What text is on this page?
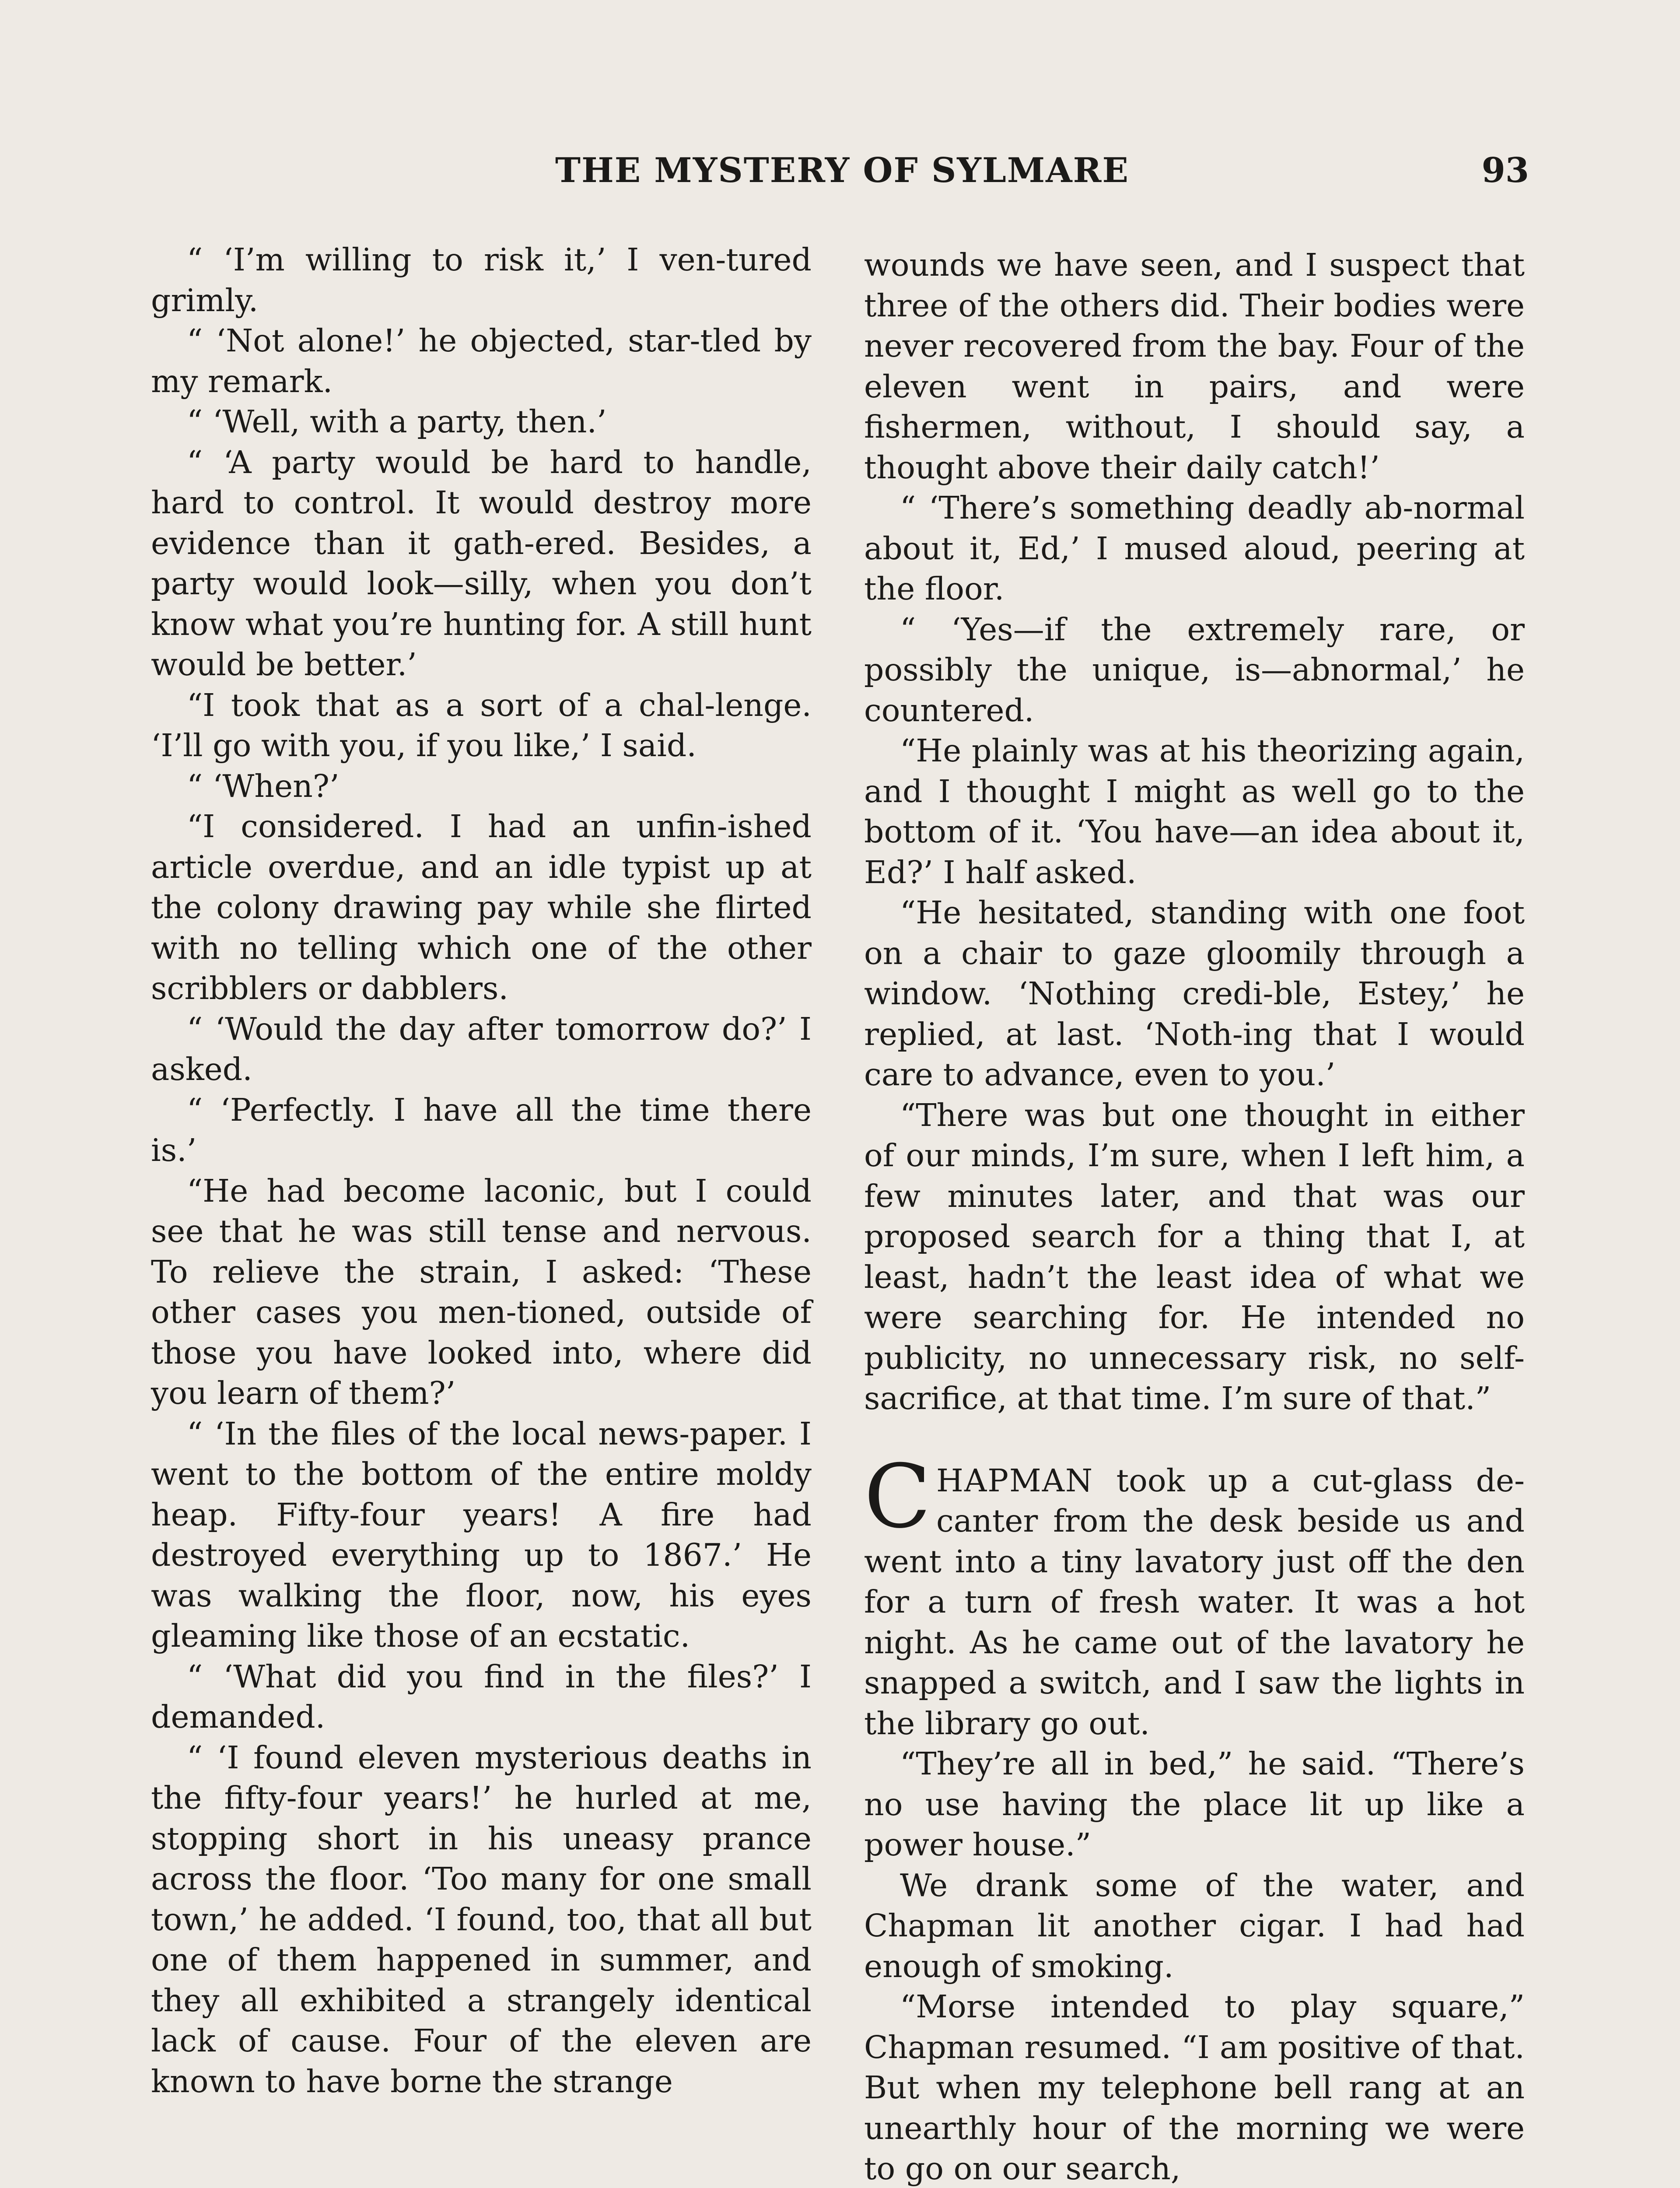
THE MYSTERY OF SYLMARE	93

“ ‘I’m willing to risk it,’ I ven-tured grimly.

“ ‘Not alone!’ he objected, star-tled by my remark.

“ ‘Well, with a party, then.’

“ ‘A party would be hard to handle, hard to control. It would destroy more evidence than it gath-ered. Besides, a party would look—silly, when you don’t know what you’re hunting for. A still hunt would be better.’

“I took that as a sort of a chal-lenge. ‘I’ll go with you, if you like,’ I said.

“ ‘When?’

“I considered. I had an unfin-ished article overdue, and an idle typist up at the colony drawing pay while she flirted with no telling which one of the other scribblers or dabblers.

“ ‘Would the day after tomorrow do?’ I asked.

“ ‘Perfectly. I have all the time there is.’

“He had become laconic, but I could see that he was still tense and nervous. To relieve the strain, I asked: ‘These other cases you men-tioned, outside of those you have looked into, where did you learn of them?’

“ ‘In the files of the local news-paper. I went to the bottom of the entire moldy heap. Fifty-four years! A fire had destroyed everything up to 1867.’ He was walking the floor, now, his eyes gleaming like those of an ecstatic.

“ ‘What did you find in the files?’ I demanded.

“ ‘I found eleven mysterious deaths in the fifty-four years!’ he hurled at me, stopping short in his uneasy prance across the floor. ‘Too many for one small town,’ he added. ‘I found, too, that all but one of them happened in summer, and they all exhibited a strangely identical lack of cause. Four of the eleven are known to have borne the strange

wounds we have seen, and I suspect that three of the others did. Their bodies were never recovered from the bay. Four of the eleven went in pairs, and were fishermen, without, I should say, a thought above their daily catch!’

“ ‘There’s something deadly ab-normal about it, Ed,’ I mused aloud, peering at the floor.

“ ‘Yes—if the extremely rare, or possibly the unique, is—abnormal,’ he countered.

“He plainly was at his theorizing again, and I thought I might as well go to the bottom of it. ‘You have—an idea about it, Ed?’ I half asked.

“He hesitated, standing with one foot on a chair to gaze gloomily through a window. ‘Nothing credi-ble, Estey,’ he replied, at last. ‘Noth-ing that I would care to advance, even to you.’

“There was but one thought in either of our minds, I’m sure, when I left him, a few minutes later, and that was our proposed search for a thing that I, at least, hadn’t the least idea of what we were searching for. He intended no publicity, no unnecessary risk, no self-sacrifice, at that time. I’m sure of that.”

CHAPMAN took up a cut-glass de-canter from the desk beside us and went into a tiny lavatory just off the den for a turn of fresh water. It was a hot night. As he came out of the lavatory he snapped a switch, and I saw the lights in the library go out.

“They’re all in bed,” he said. “There’s no use having the place lit up like a power house.”

We drank some of the water, and Chapman lit another cigar. I had had enough of smoking.

“Morse intended to play square,” Chapman resumed. “I am positive of that. But when my telephone bell rang at an unearthly hour of the morning we were to go on our search,
